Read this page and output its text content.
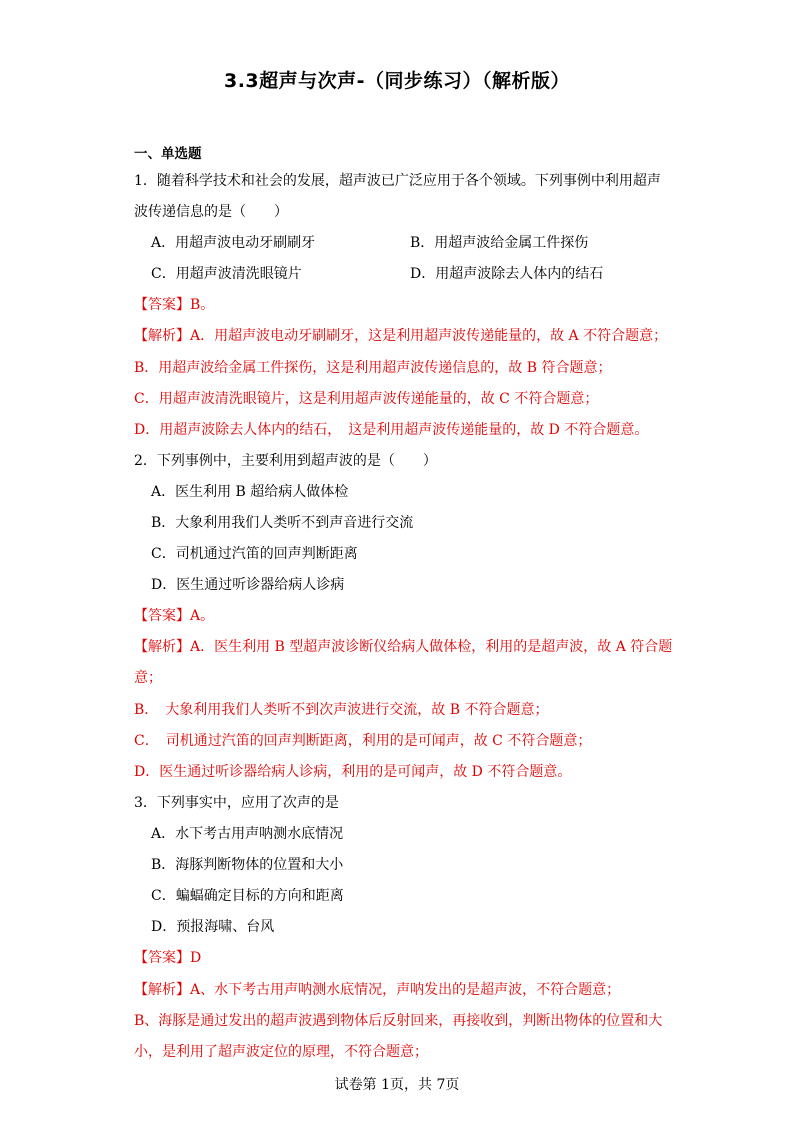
3.3超声与次声-（同步练习）（解析版）
一、单选题
1．随着科学技术和社会的发展，超声波已广泛应用于各个领域。下列事例中利用超声
波传递信息的是（　　）
A．用超声波电动牙刷刷牙	B．用超声波给金属工件探伤
C．用超声波清洗眼镜片	D．用超声波除去人体内的结石
【答案】B。
【解析】A．用超声波电动牙刷刷牙，这是利用超声波传递能量的，故 A 不符合题意；
B．用超声波给金属工件探伤，这是利用超声波传递信息的，故 B 符合题意；
C．用超声波清洗眼镜片，这是利用超声波传递能量的，故 C 不符合题意；
D．用超声波除去人体内的结石，　这是利用超声波传递能量的，故 D 不符合题意。
2．下列事例中，主要利用到超声波的是（　　）
A．医生利用 B 超给病人做体检
B．大象利用我们人类听不到声音进行交流
C．司机通过汽笛的回声判断距离
D．医生通过听诊器给病人诊病
【答案】A。
【解析】A．医生利用 B 型超声波诊断仪给病人做体检，利用的是超声波，故 A 符合题
意；
B．　大象利用我们人类听不到次声波进行交流，故 B 不符合题意；
C．　司机通过汽笛的回声判断距离，利用的是可闻声，故 C 不符合题意；
D．医生通过听诊器给病人诊病，利用的是可闻声，故 D 不符合题意。
3．下列事实中，应用了次声的是
A．水下考古用声呐测水底情况
B．海豚判断物体的位置和大小
C．蝙蝠确定目标的方向和距离
D．预报海啸、台风
【答案】D
【解析】A、水下考古用声呐测水底情况，声呐发出的是超声波，不符合题意；
B、海豚是通过发出的超声波遇到物体后反射回来，再接收到，判断出物体的位置和大
小，是利用了超声波定位的原理，不符合题意；
试卷第 1页，共 7页
